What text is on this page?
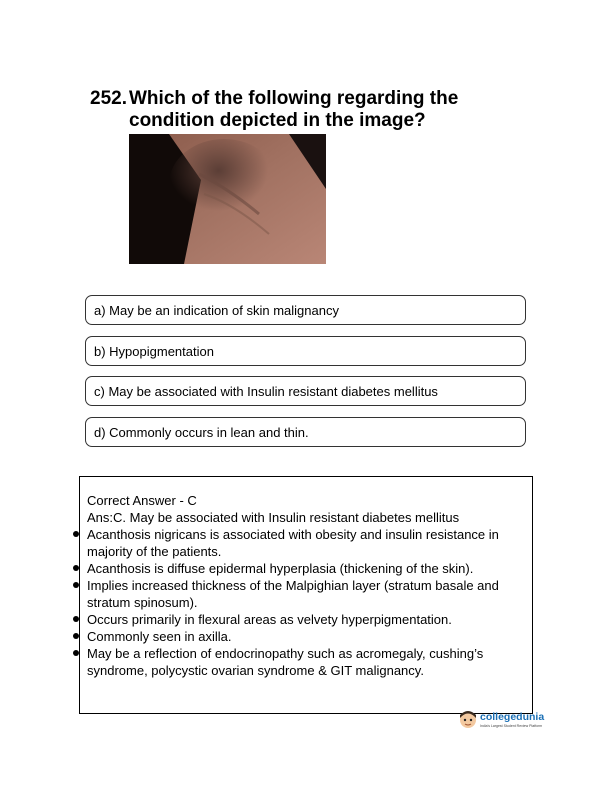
252. Which of the following regarding the condition depicted in the image?
a) May be an indication of skin malignancy
b) Hypopigmentation
c) May be associated with Insulin resistant diabetes mellitus
d) Commonly occurs in lean and thin.
Correct Answer - C
Ans:C. May be associated with Insulin resistant diabetes mellitus
Acanthosis nigricans is associated with obesity and insulin resistance in majority of the patients.
Acanthosis is diffuse epidermal hyperplasia (thickening of the skin).
Implies increased thickness of the Malpighian layer (stratum basale and stratum spinosum).
Occurs primarily in flexural areas as velvety hyperpigmentation.
Commonly seen in axilla.
May be a reflection of endocrinopathy such as acromegaly, cushing’s syndrome, polycystic ovarian syndrome & GIT malignancy.
collegedunia
India's Largest Student Review Platform
